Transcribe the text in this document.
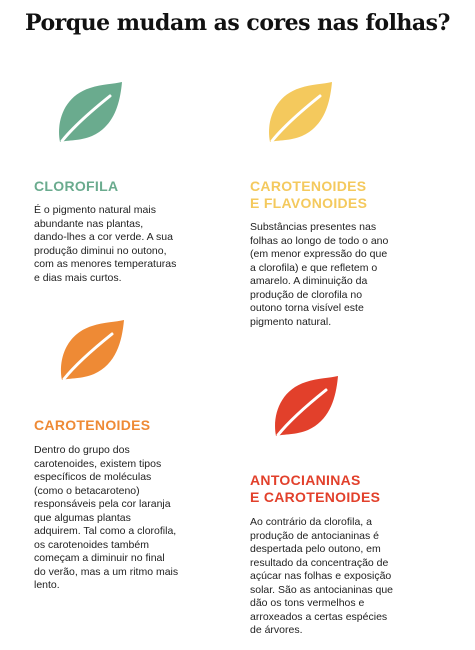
Porque mudam as cores nas folhas?
CLOROFILA
É o pigmento natural mais
abundante nas plantas,
dando-lhes a cor verde. A sua
produção diminui no outono,
com as menores temperaturas
e dias mais curtos.
CAROTENOIDES
E FLAVONOIDES
Substâncias presentes nas
folhas ao longo de todo o ano
(em menor expressão do que
a clorofila) e que refletem o
amarelo. A diminuição da
produção de clorofila no
outono torna visível este
pigmento natural.
CAROTENOIDES
Dentro do grupo dos
carotenoides, existem tipos
específicos de moléculas
(como o betacaroteno)
responsáveis pela cor laranja
que algumas plantas
adquirem. Tal como a clorofila,
os carotenoides também
começam a diminuir no final
do verão, mas a um ritmo mais
lento.
ANTOCIANINAS
E CAROTENOIDES
Ao contrário da clorofila, a
produção de antocianinas é
despertada pelo outono, em
resultado da concentração de
açúcar nas folhas e exposição
solar. São as antocianinas que
dão os tons vermelhos e
arroxeados a certas espécies
de árvores.
